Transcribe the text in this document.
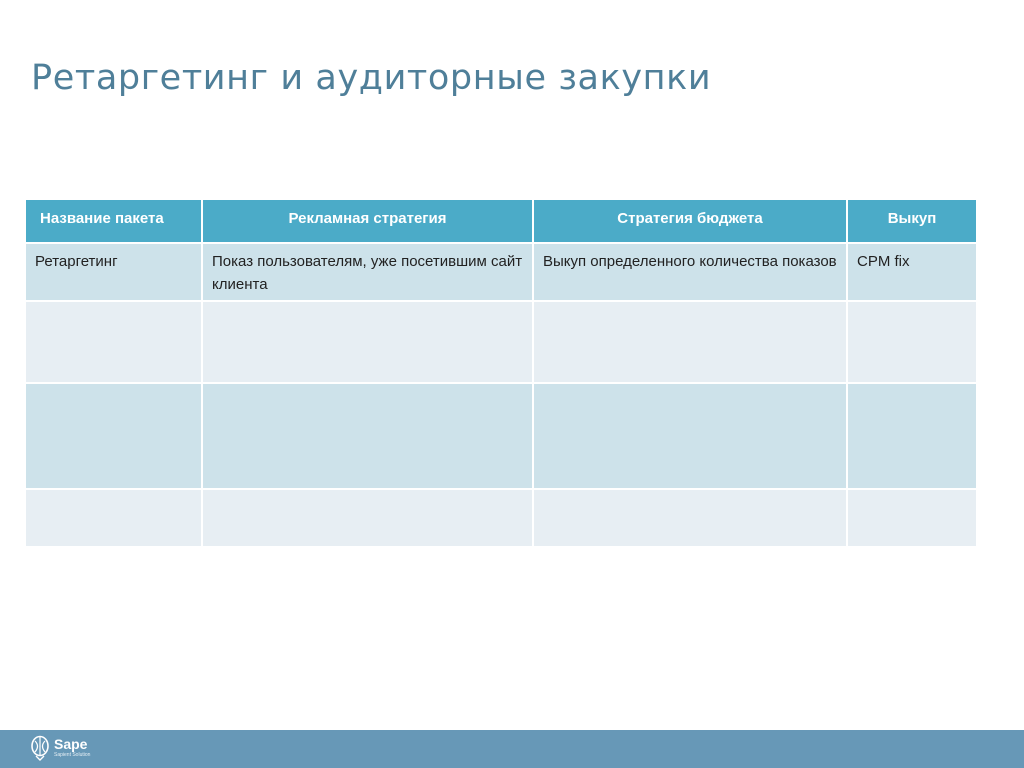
Ретаргетинг и аудиторные закупки
Название пакета	Рекламная стратегия	Стратегия бюджета	Выкуп
Ретаргетинг	Показ пользователям, уже посетившим сайт клиента	Выкуп определенного количества показов	CPM fix

Sape
Sapient Solution
